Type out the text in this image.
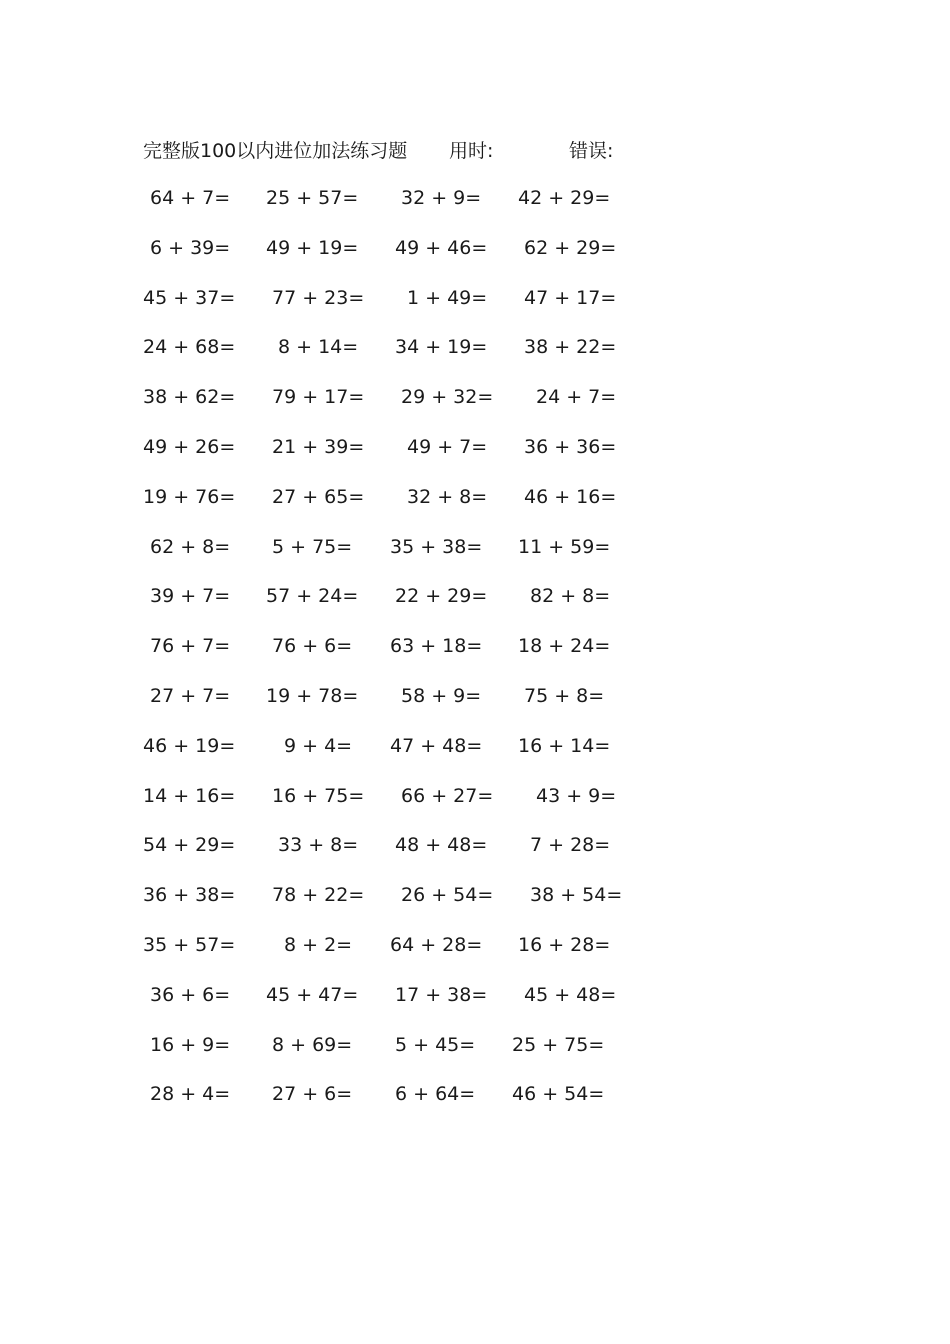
完整版100以内进位加法练习题 用时:	错误:
64 + 7= 25 + 57= 32 + 9= 42 + 29=
6 + 39= 49 + 19= 49 + 46= 62 + 29=
45 + 37= 77 + 23= 1 + 49= 47 + 17=
24 + 68= 8 + 14= 34 + 19= 38 + 22=
38 + 62= 79 + 17= 29 + 32= 24 + 7=
49 + 26= 21 + 39= 49 + 7= 36 + 36=
19 + 76= 27 + 65= 32 + 8= 46 + 16=
62 + 8= 5 + 75= 35 + 38= 11 + 59=
39 + 7= 57 + 24= 22 + 29= 82 + 8=
76 + 7= 76 + 6= 63 + 18= 18 + 24=
27 + 7= 19 + 78= 58 + 9= 75 + 8=
46 + 19=	9 + 4= 47 + 48= 16 + 14=
14 + 16= 16 + 75= 66 + 27= 43 + 9=
54 + 29= 33 + 8= 48 + 48= 7 + 28=
36 + 38= 78 + 22= 26 + 54= 38 + 54=
35 + 57=	8 + 2= 64 + 28= 16 + 28=
36 + 6= 45 + 47= 17 + 38= 45 + 48=
16 + 9= 8 + 69= 5 + 45= 25 + 75=
28 + 4= 27 + 6= 6 + 64= 46 + 54=
